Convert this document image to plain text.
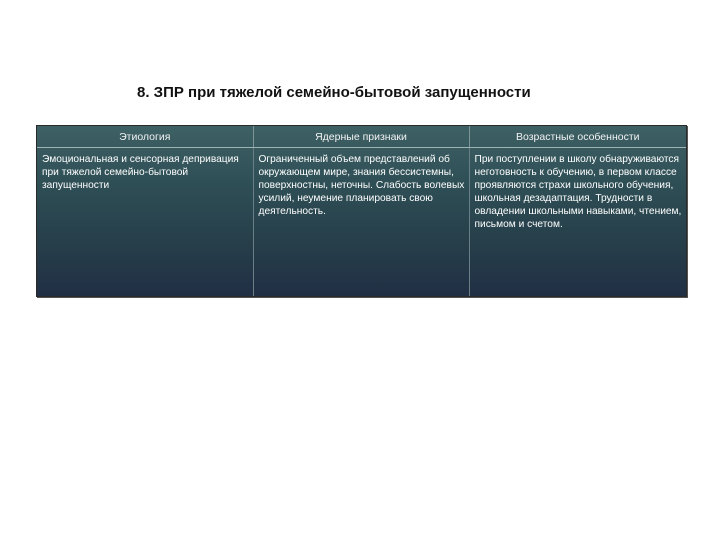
8. ЗПР при тяжелой семейно-бытовой запущенности
Этиология	Ядерные признаки	Возрастные особенности
Эмоциональная и сенсорная депривация при тяжелой семейно-бытовой запущенности	Ограниченный объем представлений об окружающем мире, знания бессистемны, поверхностны, неточны. Слабость волевых усилий, неумение планировать свою деятельность.	При поступлении в школу обнаруживаются неготовность к обучению, в первом классе проявляются страхи школьного обучения, школьная дезадаптация. Трудности в овладении школьными навыками, чтением, письмом и счетом.
